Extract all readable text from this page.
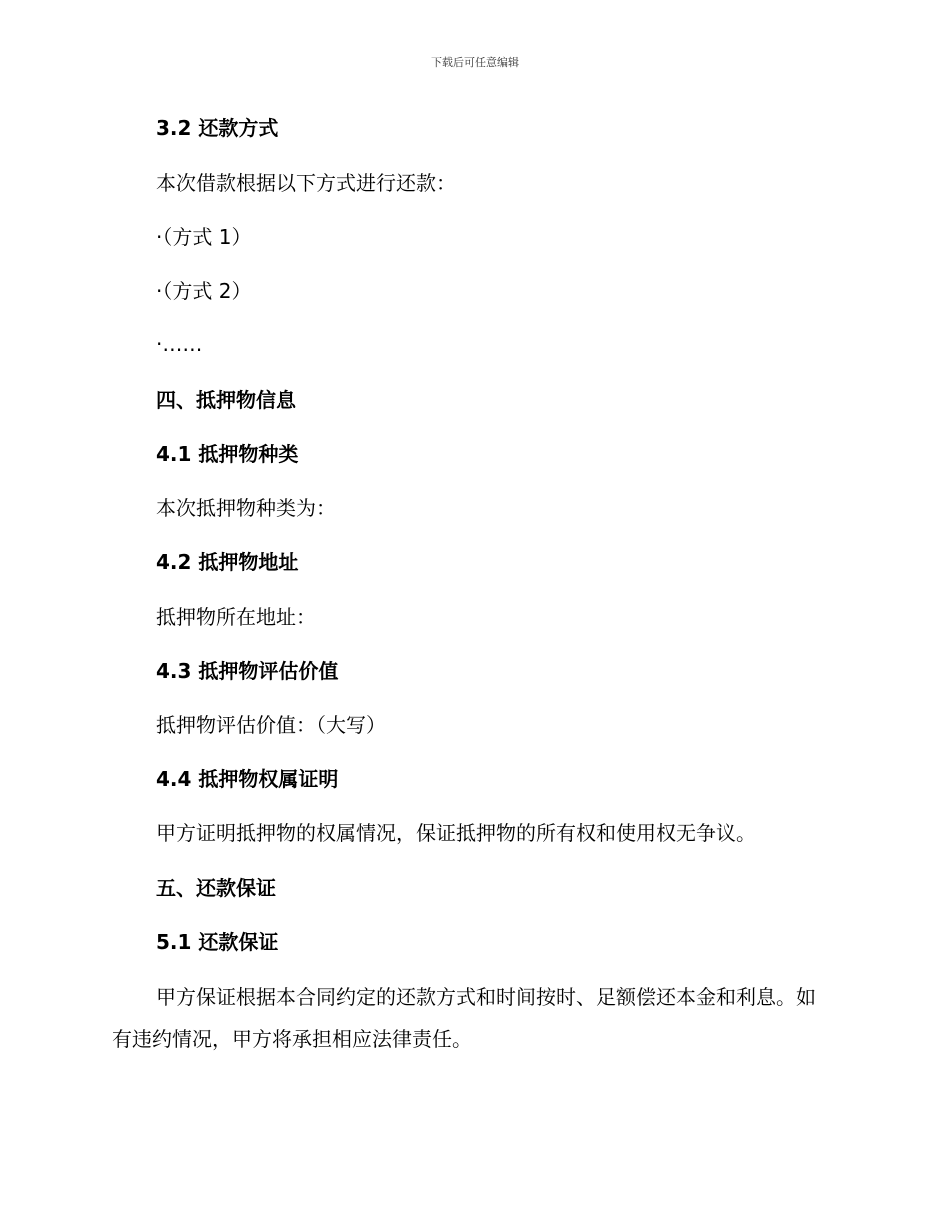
下载后可任意编辑
3.2 还款方式
本次借款根据以下方式进行还款：
·（方式 1）
·（方式 2）
·……
四、抵押物信息
4.1 抵押物种类
本次抵押物种类为：
4.2 抵押物地址
抵押物所在地址：
4.3 抵押物评估价值
抵押物评估价值：（大写）
4.4 抵押物权属证明
甲方证明抵押物的权属情况，保证抵押物的所有权和使用权无争议。
五、还款保证
5.1 还款保证
甲方保证根据本合同约定的还款方式和时间按时、足额偿还本金和利息。如有违约情况，甲方将承担相应法律责任。
